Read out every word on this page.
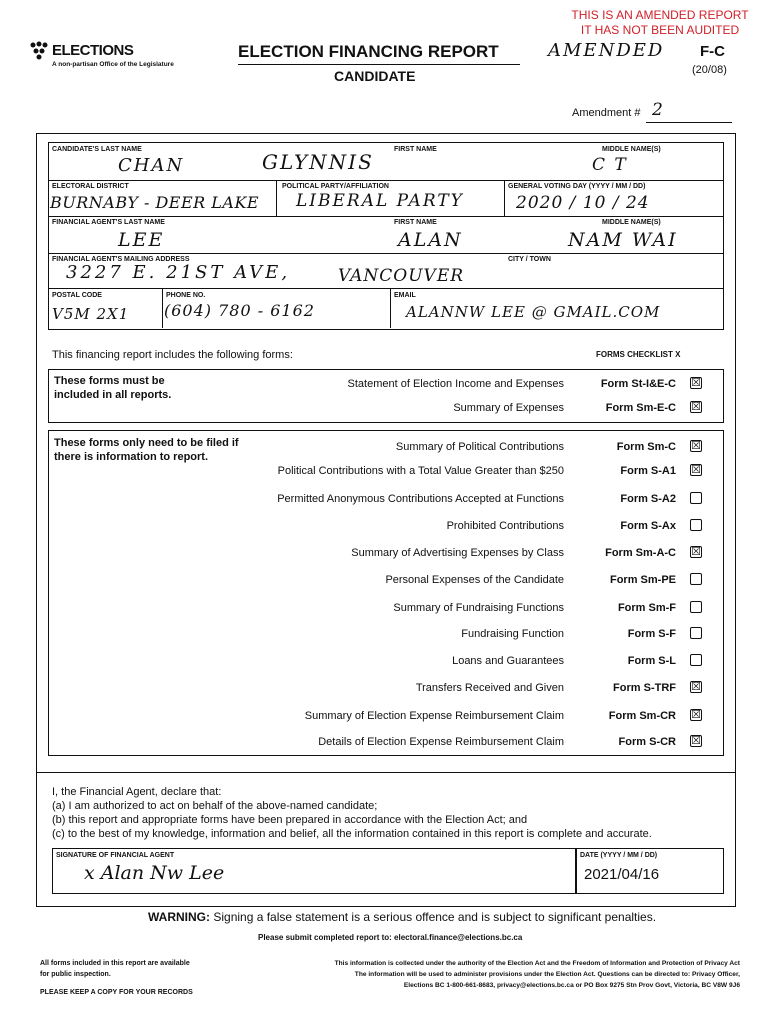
THIS IS AN AMENDED REPORT
IT HAS NOT BEEN AUDITED
ELECTIONS
A non-partisan Office of the Legislature
ELECTION FINANCING REPORT
CANDIDATE
AMENDED F-C
(20/08)
Amendment # 2
CANDIDATE'S LAST NAME
CHAN
FIRST NAME
GLYNNIS
MIDDLE NAME(S)
C T
ELECTORAL DISTRICT
BURNABY - DEER LAKE
POLITICAL PARTY/AFFILIATION
LIBERAL PARTY
GENERAL VOTING DAY (YYYY / MM / DD)
2020 / 10 / 24
FINANCIAL AGENT'S LAST NAME
LEE
FIRST NAME
ALAN
MIDDLE NAME(S)
NAM WAI
FINANCIAL AGENT'S MAILING ADDRESS
3227 E. 21ST AVE,
CITY / TOWN
VANCOUVER
POSTAL CODE
V5M 2X1
PHONE NO.
(604) 780 - 6162
EMAIL
ALANNW LEE @ GMAIL.COM
This financing report includes the following forms:	FORMS CHECKLIST X
These forms must be included in all reports.
These forms only need to be filed if there is information to report.
Statement of Election Income and Expenses	Form St-I&E-C ☒
Summary of Expenses	Form Sm-E-C ☒
Summary of Political Contributions	Form Sm-C ☒
Political Contributions with a Total Value Greater than $250	Form S-A1 ☒
Permitted Anonymous Contributions Accepted at Functions	Form S-A2
Prohibited Contributions	Form S-Ax
Summary of Advertising Expenses by Class	Form Sm-A-C ☒
Personal Expenses of the Candidate	Form Sm-PE
Summary of Fundraising Functions	Form Sm-F
Fundraising Function	Form S-F
Loans and Guarantees	Form S-L
Transfers Received and Given	Form S-TRF ☒
Summary of Election Expense Reimbursement Claim	Form Sm-CR ☒
Details of Election Expense Reimbursement Claim	Form S-CR ☒
I, the Financial Agent, declare that:
(a) I am authorized to act on behalf of the above-named candidate;
(b) this report and appropriate forms have been prepared in accordance with the Election Act; and
(c) to the best of my knowledge, information and belief, all the information contained in this report is complete and accurate.
SIGNATURE OF FINANCIAL AGENT
x Alan Nw Lee
DATE (YYYY / MM / DD)
2021/04/16
WARNING: Signing a false statement is a serious offence and is subject to significant penalties.
Please submit completed report to: electoral.finance@elections.bc.ca
All forms included in this report are available
for public inspection.
PLEASE KEEP A COPY FOR YOUR RECORDS
This information is collected under the authority of the Election Act and the Freedom of Information and Protection of Privacy Act
The information will be used to administer provisions under the Election Act. Questions can be directed to: Privacy Officer,
Elections BC 1-800-661-8683, privacy@elections.bc.ca or PO Box 9275 Stn Prov Govt, Victoria, BC V8W 9J6
